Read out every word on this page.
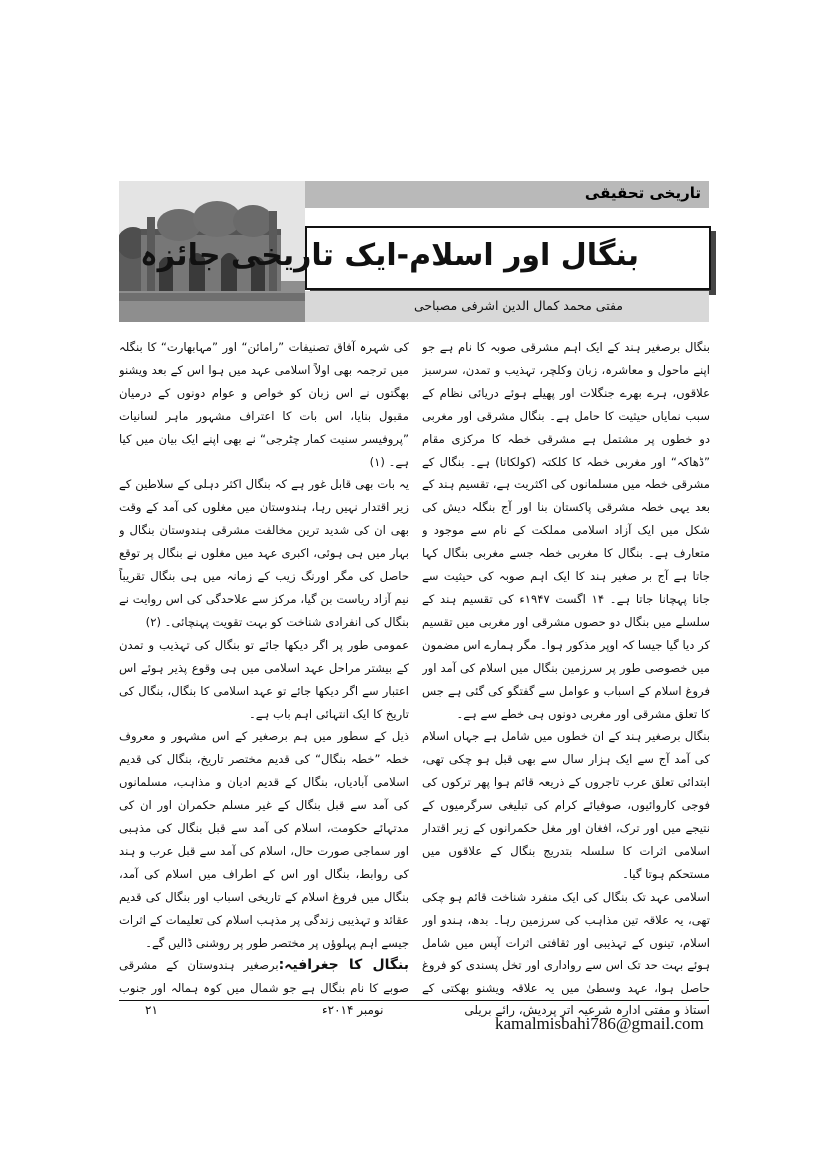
تاریخی تحقیقی
بنگال اور اسلام-ایک تاریخی جائزہ
مفتی محمد کمال الدین اشرفی مصباحی

بنگال برصغیر ہند کے ایک اہم مشرقی صوبہ کا نام ہے جو اپنے ماحول و معاشرہ، زبان وکلچر، تہذیب و تمدن، سرسبز علاقوں، ہرے بھرے جنگلات اور پھیلے ہوئے دریائی نظام کے سبب نمایاں حیثیت کا حامل ہے۔ بنگال مشرقی اور مغربی دو خطوں پر مشتمل ہے مشرقی خطہ کا مرکزی مقام ”ڈھاکہ“ اور مغربی خطہ کا کلکتہ (کولکاتا) ہے۔ بنگال کے مشرقی خطہ میں مسلمانوں کی اکثریت ہے، تقسیم ہند کے بعد یہی خطہ مشرقی پاکستان بنا اور آج بنگلہ دیش کی شکل میں ایک آزاد اسلامی مملکت کے نام سے موجود و متعارف ہے۔ بنگال کا مغربی خطہ جسے مغربی بنگال کہا جاتا ہے آج بر صغیر ہند کا ایک اہم صوبہ کی حیثیت سے جانا پہچانا جاتا ہے۔ ۱۴ اگست ۱۹۴۷ء کی تقسیم ہند کے سلسلے میں بنگال دو حصوں مشرقی اور مغربی میں تقسیم کر دیا گیا جیسا کہ اوپر مذکور ہوا۔ مگر ہمارے اس مضمون میں خصوصی طور پر سرزمین بنگال میں اسلام کی آمد اور فروغ اسلام کے اسباب و عوامل سے گفتگو کی گئی ہے جس کا تعلق مشرقی اور مغربی دونوں ہی خطے سے ہے۔

بنگال برصغیر ہند کے ان خطوں میں شامل ہے جہاں اسلام کی آمد آج سے ایک ہزار سال سے بھی قبل ہو چکی تھی، ابتدائی تعلق عرب تاجروں کے ذریعہ قائم ہوا پھر ترکوں کی فوجی کاروائیوں، صوفیائے کرام کی تبلیغی سرگرمیوں کے نتیجے میں اور ترک، افغان اور مغل حکمرانوں کے زیر اقتدار اسلامی اثرات کا سلسلہ بتدریج بنگال کے علاقوں میں مستحکم ہوتا گیا۔

اسلامی عہد تک بنگال کی ایک منفرد شناخت قائم ہو چکی تھی، یہ علاقہ تین مذاہب کی سرزمین رہا۔ بدھ، ہندو اور اسلام، تینوں کے تہذیبی اور ثقافتی اثرات آپس میں شامل ہوئے بہت حد تک اس سے رواداری اور تخل پسندی کو فروغ حاصل ہوا، عہد وسطیٰ میں یہ علاقہ ویشنو بھکتی کے

کی شہرہ آفاق تصنیفات ”رامائن“ اور ”مہابھارت“ کا بنگلہ میں ترجمہ بھی اولاً اسلامی عہد میں ہوا اس کے بعد ویشنو بھگتوں نے اس زبان کو خواص و عوام دونوں کے درمیان مقبول بنایا، اس بات کا اعتراف مشہور ماہر لسانیات ”پروفیسر سنیت کمار چٹرجی“ نے بھی اپنے ایک بیان میں کیا ہے۔ (۱)

یہ بات بھی قابل غور ہے کہ بنگال اکثر دہلی کے سلاطین کے زیر اقتدار نہیں رہا، ہندوستان میں مغلوں کی آمد کے وقت بھی ان کی شدید ترین مخالفت مشرقی ہندوستان بنگال و بہار میں ہی ہوئی، اکبری عہد میں مغلوں نے بنگال پر توقع حاصل کی مگر اورنگ زیب کے زمانہ میں ہی بنگال تقریباً نیم آزاد ریاست بن گیا، مرکز سے علاحدگی کی اس روایت نے بنگال کی انفرادی شناخت کو بہت تقویت پہنچائی۔ (۲)

عمومی طور پر اگر دیکھا جائے تو بنگال کی تہذیب و تمدن کے بیشتر مراحل عہد اسلامی میں ہی وقوع پذیر ہوئے اس اعتبار سے اگر دیکھا جائے تو عہد اسلامی کا بنگال، بنگال کی تاریخ کا ایک انتہائی اہم باب ہے۔

ذیل کے سطور میں ہم برصغیر کے اس مشہور و معروف خطہ ”خطہ بنگال“ کی قدیم مختصر تاریخ، بنگال کی قدیم اسلامی آبادیاں، بنگال کے قدیم ادیان و مذاہب، مسلمانوں کی آمد سے قبل بنگال کے غیر مسلم حکمران اور ان کی مدتہائے حکومت، اسلام کی آمد سے قبل بنگال کی مذہبی اور سماجی صورت حال، اسلام کی آمد سے قبل عرب و ہند کی روابط، بنگال اور اس کے اطراف میں اسلام کی آمد، بنگال میں فروغ اسلام کے تاریخی اسباب اور بنگال کی قدیم عقائد و تہذیبی زندگی پر مذہب اسلام کی تعلیمات کے اثرات جیسے اہم پہلوؤں پر مختصر طور پر روشنی ڈالیں گے۔

بنگال کا جغرافیہ:برصغیر ہندوستان کے مشرقی صوبے کا نام بنگال ہے جو شمال میں کوہ ہمالہ اور جنوب

استاذ و مفتی ادارہ شرعیہ اتر پردیش، رائے بریلی
kamalmisbahi786@gmail.com
نومبر ۲۰۱۴ء
۲۱
